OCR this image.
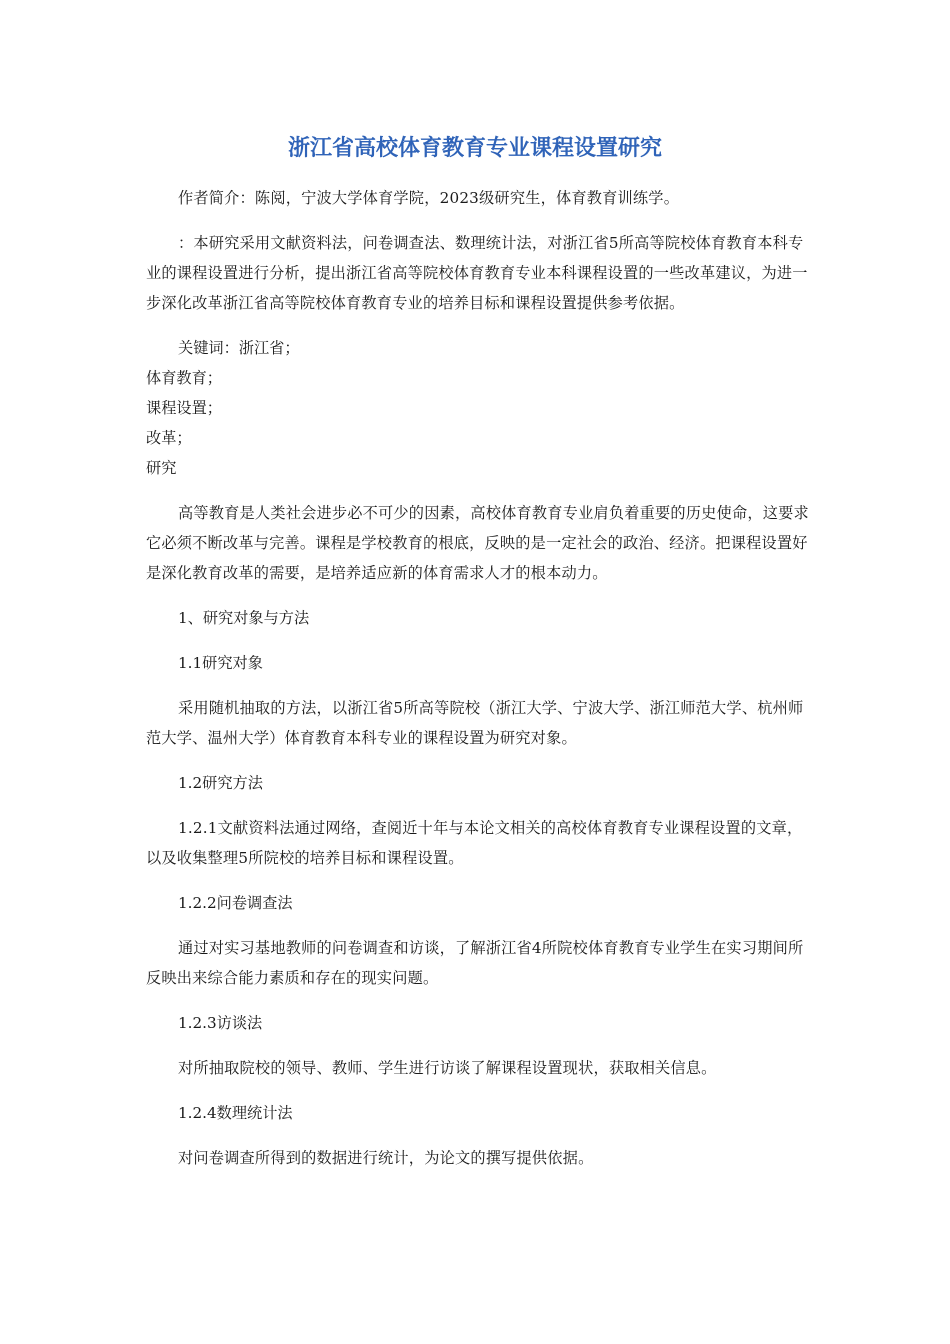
浙江省高校体育教育专业课程设置研究

作者简介：陈阅，宁波大学体育学院，2023级研究生，体育教育训练学。

：本研究采用文献资料法，问卷调查法、数理统计法，对浙江省5所高等院校体育教育本科专业的课程设置进行分析，提出浙江省高等院校体育教育专业本科课程设置的一些改革建议，为进一步深化改革浙江省高等院校体育教育专业的培养目标和课程设置提供参考依据。

关键词：浙江省；

体育教育；

课程设置；

改革；

研究

高等教育是人类社会进步必不可少的因素，高校体育教育专业肩负着重要的历史使命，这要求它必须不断改革与完善。课程是学校教育的根底，反映的是一定社会的政治、经济。把课程设置好是深化教育改革的需要，是培养适应新的体育需求人才的根本动力。

1、研究对象与方法

1.1研究对象

采用随机抽取的方法，以浙江省5所高等院校（浙江大学、宁波大学、浙江师范大学、杭州师范大学、温州大学）体育教育本科专业的课程设置为研究对象。

1.2研究方法

1.2.1文献资料法通过网络，查阅近十年与本论文相关的高校体育教育专业课程设置的文章，以及收集整理5所院校的培养目标和课程设置。

1.2.2问卷调查法

通过对实习基地教师的问卷调查和访谈，了解浙江省4所院校体育教育专业学生在实习期间所反映出来综合能力素质和存在的现实问题。

1.2.3访谈法

对所抽取院校的领导、教师、学生进行访谈了解课程设置现状，获取相关信息。

1.2.4数理统计法

对问卷调查所得到的数据进行统计，为论文的撰写提供依据。
